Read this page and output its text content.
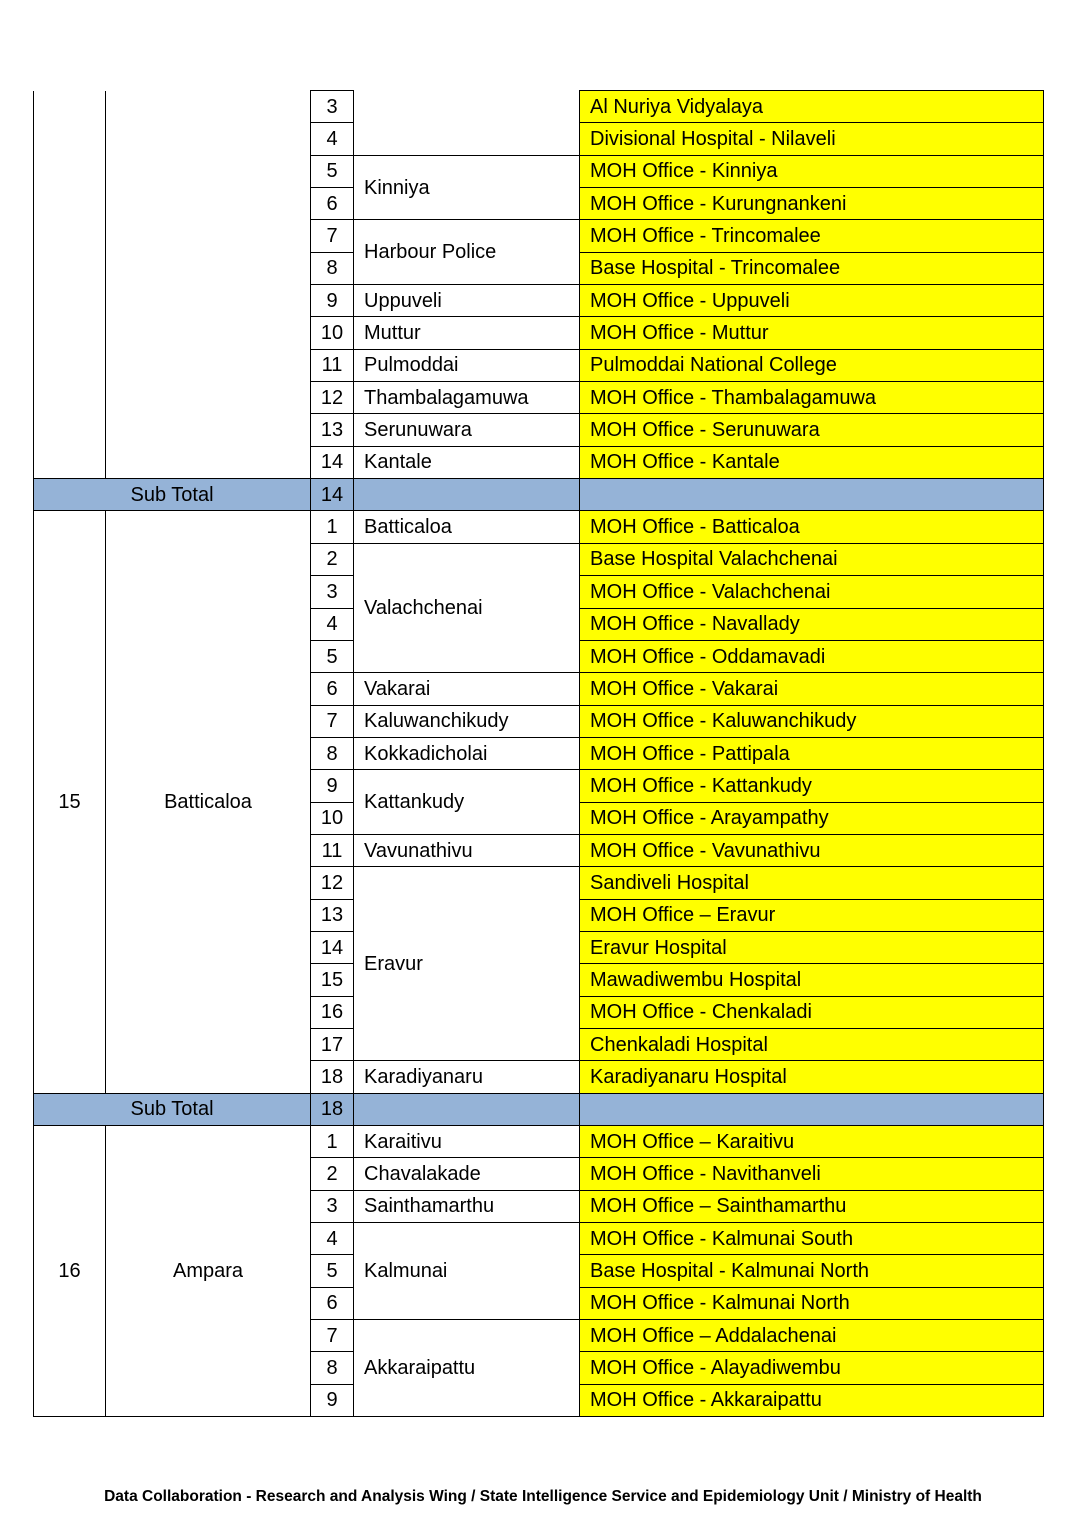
		3		Al Nuriya Vidyalaya
		4		Divisional Hospital - Nilaveli
		5	Kinniya	MOH Office - Kinniya
		6		MOH Office - Kurungnankeni
		7	Harbour Police	MOH Office - Trincomalee
		8		Base Hospital - Trincomalee
		9	Uppuveli	MOH Office - Uppuveli
		10	Muttur	MOH Office - Muttur
		11	Pulmoddai	Pulmoddai National College
		12	Thambalagamuwa	MOH Office - Thambalagamuwa
		13	Serunuwara	MOH Office - Serunuwara
		14	Kantale	MOH Office - Kantale
Sub Total		14		
15	Batticaloa	1	Batticaloa	MOH Office - Batticaloa
		2	Valachchenai	Base Hospital Valachchenai
		3		MOH Office - Valachchenai
		4		MOH Office - Navallady
		5		MOH Office - Oddamavadi
		6	Vakarai	MOH Office - Vakarai
		7	Kaluwanchikudy	MOH Office - Kaluwanchikudy
		8	Kokkadicholai	MOH Office - Pattipala
		9	Kattankudy	MOH Office - Kattankudy
		10		MOH Office - Arayampathy
		11	Vavunathivu	MOH Office - Vavunathivu
		12	Eravur	Sandiveli Hospital
		13		MOH Office – Eravur
		14		Eravur Hospital
		15		Mawadiwembu Hospital
		16		MOH Office - Chenkaladi
		17		Chenkaladi Hospital
		18	Karadiyanaru	Karadiyanaru Hospital
Sub Total		18		
16	Ampara	1	Karaitivu	MOH Office – Karaitivu
		2	Chavalakade	MOH Office - Navithanveli
		3	Sainthamarthu	MOH Office – Sainthamarthu
		4	Kalmunai	MOH Office - Kalmunai South
		5		Base Hospital - Kalmunai North
		6		MOH Office - Kalmunai North
		7	Akkaraipattu	MOH Office – Addalachenai
		8		MOH Office - Alayadiwembu
		9		MOH Office - Akkaraipattu
Data Collaboration - Research and Analysis Wing / State Intelligence Service and Epidemiology Unit / Ministry of Health
